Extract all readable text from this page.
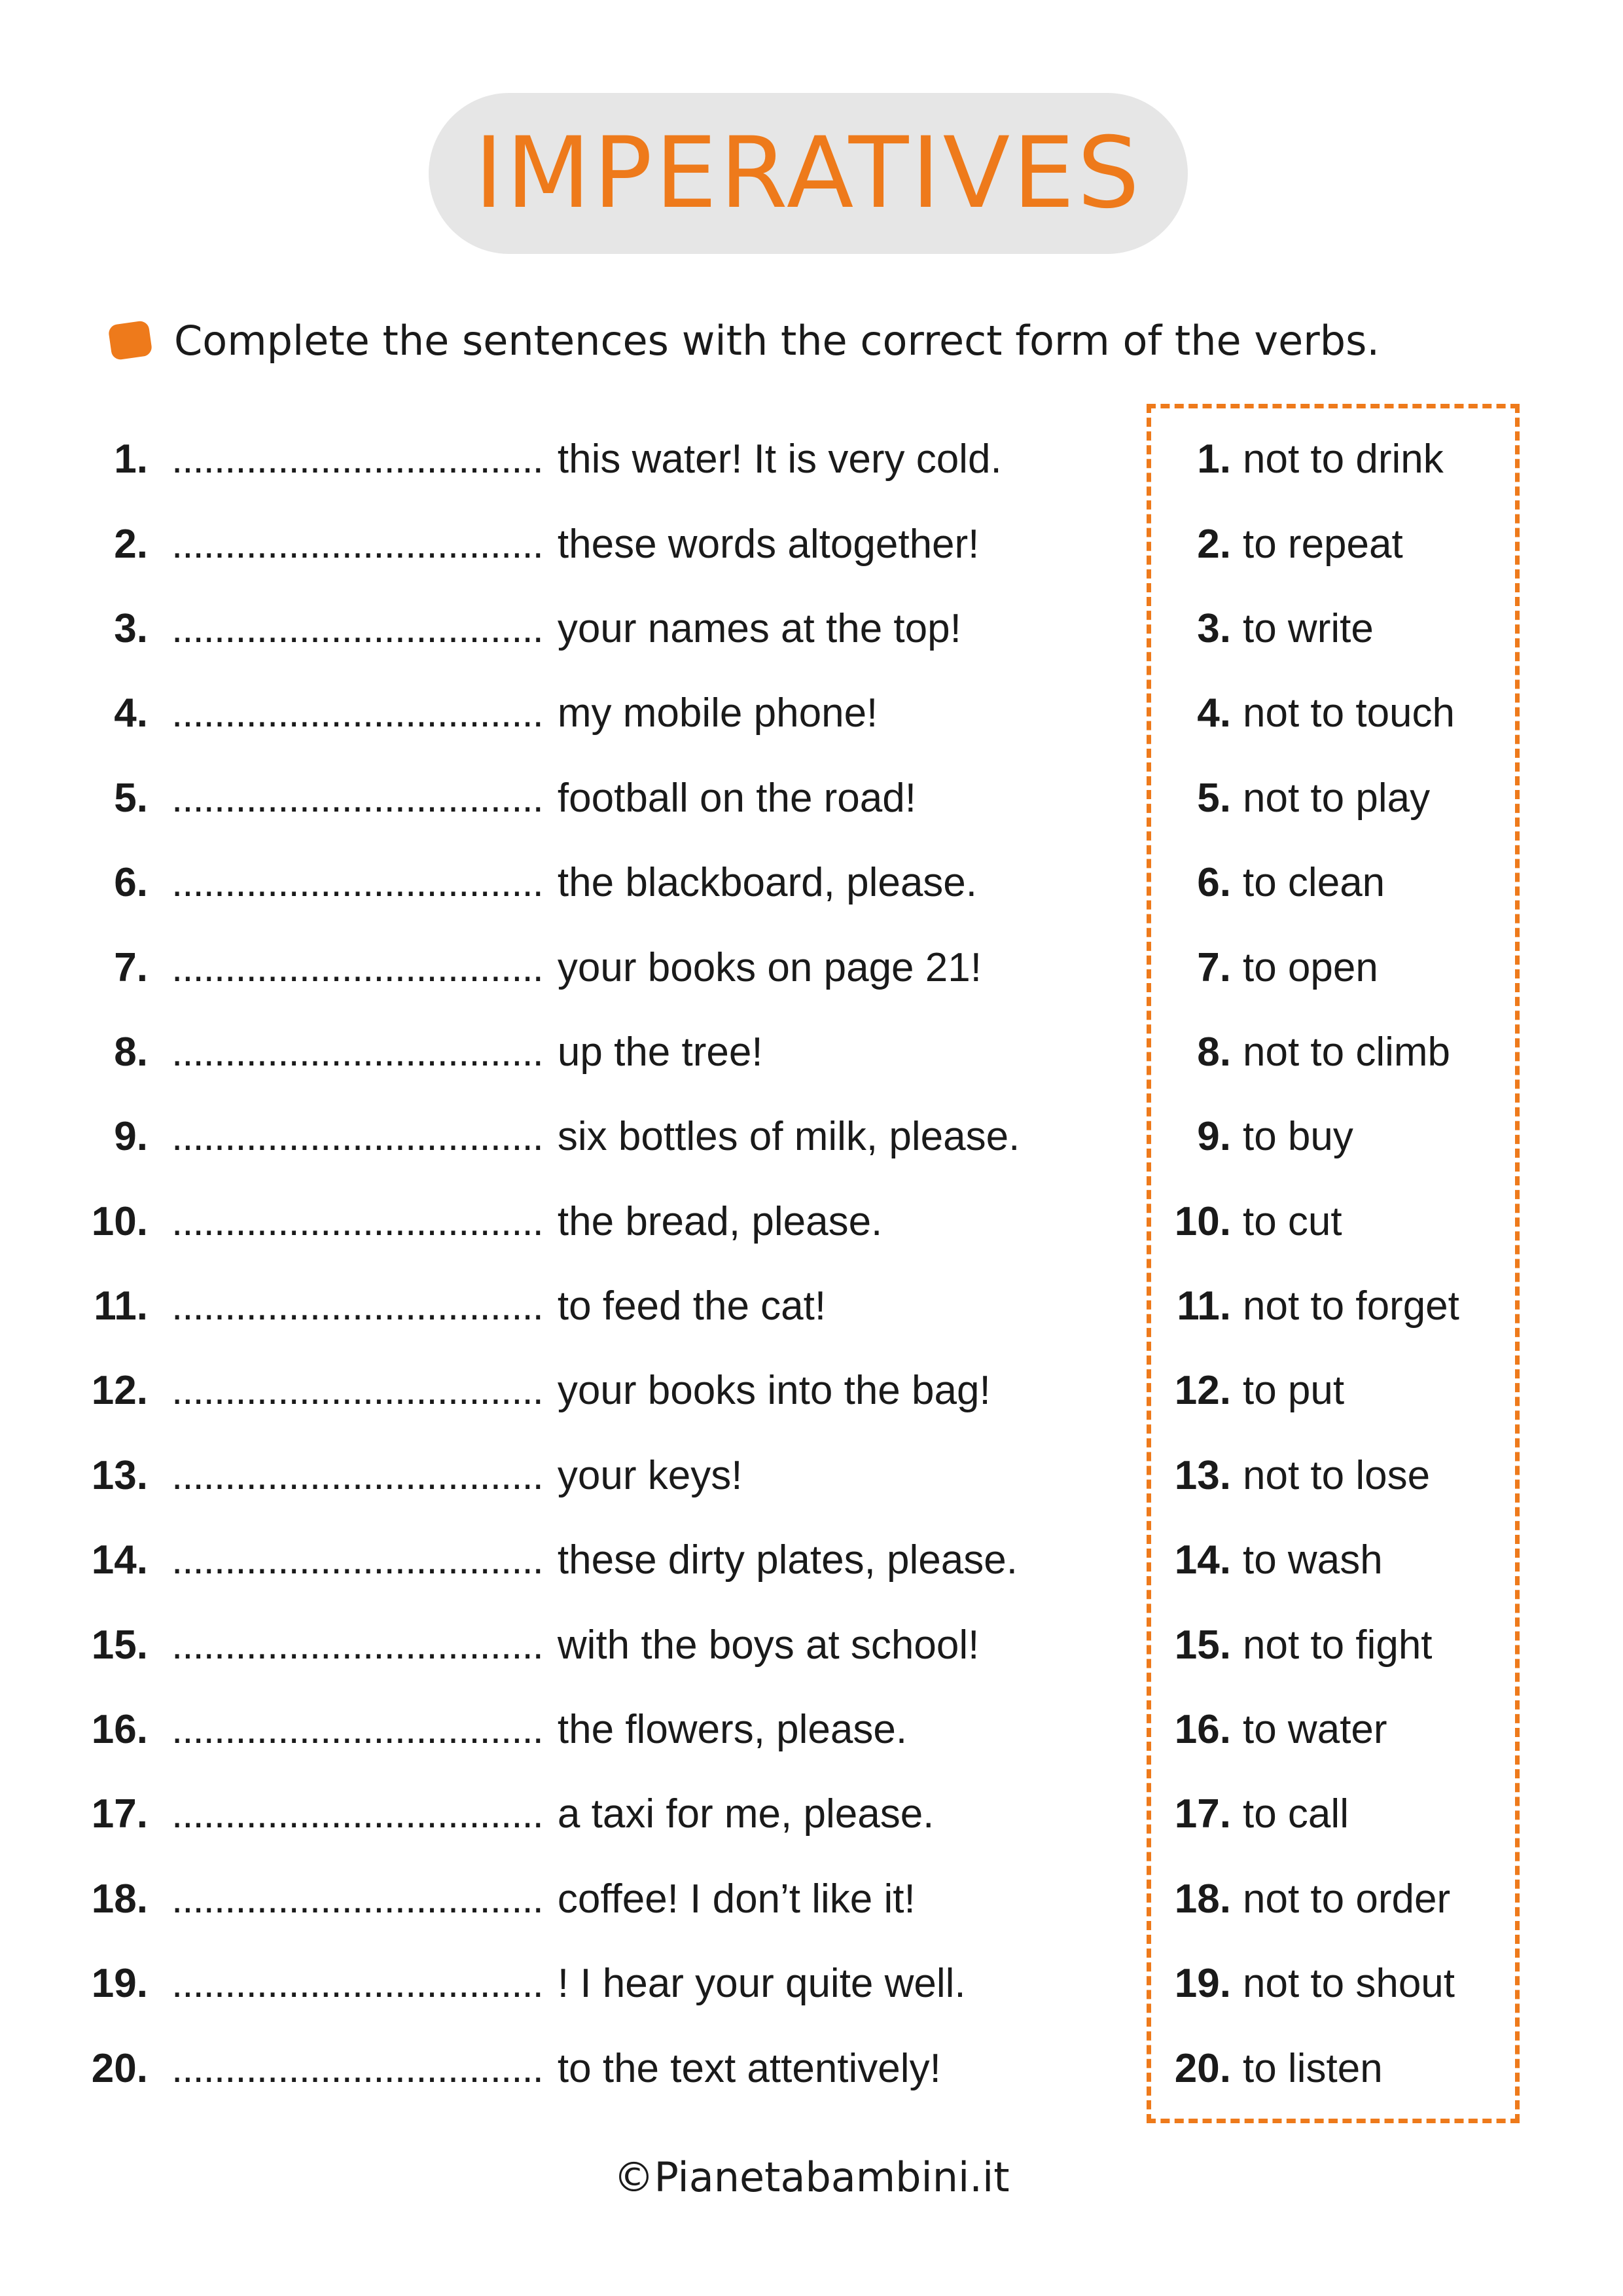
IMPERATIVES
Complete the sentences with the correct form of the verbs.
1. ................................... this water! It is very cold.
2. ................................... these words altogether!
3. ................................... your names at the top!
4. ................................... my mobile phone!
5. ................................... football on the road!
6. ................................... the blackboard, please.
7. ................................... your books on page 21!
8. ................................... up the tree!
9. ................................... six bottles of milk, please.
10. ................................... the bread, please.
11. ................................... to feed the cat!
12. ................................... your books into the bag!
13. ................................... your keys!
14. ................................... these dirty plates, please.
15. ................................... with the boys at school!
16. ................................... the flowers, please.
17. ................................... a taxi for me, please.
18. ................................... coffee! I don’t like it!
19. ................................... ! I hear your quite well.
20. ................................... to the text attentively!
1. not to drink
2. to repeat
3. to write
4. not to touch
5. not to play
6. to clean
7. to open
8. not to climb
9. to buy
10. to cut
11. not to forget
12. to put
13. not to lose
14. to wash
15. not to fight
16. to water
17. to call
18. not to order
19. not to shout
20. to listen
©Pianetabambini.it
